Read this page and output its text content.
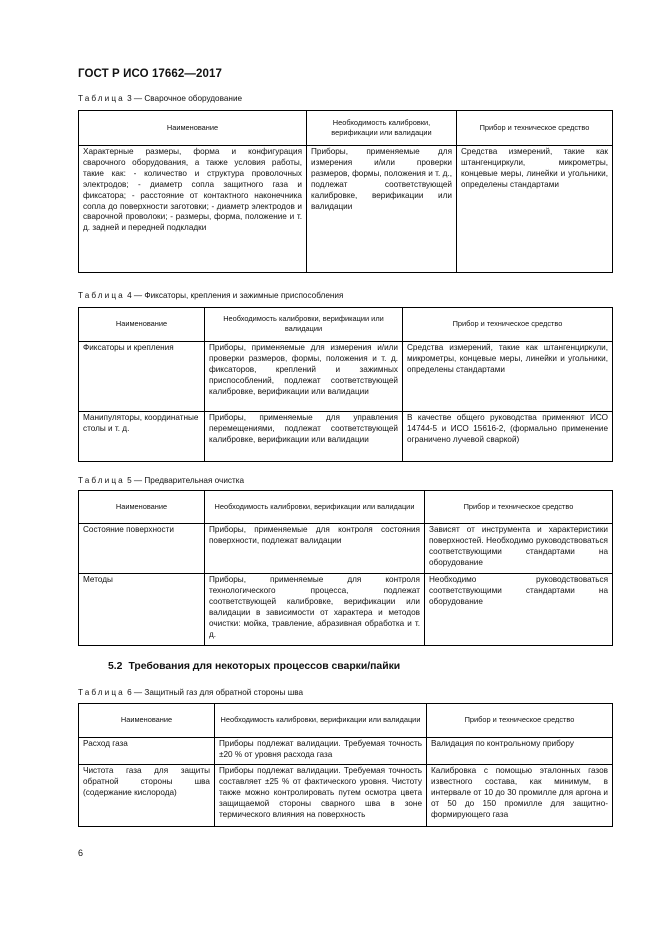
ГОСТ Р ИСО 17662—2017
Таблица 3 — Сварочное оборудование
Наименование	Необходимость калибровки, верификации или валидации	Прибор и техническое средство
Характерные размеры, форма и конфигурация сварочного оборудования, а также условия работы, такие как: - количество и структура проволочных электродов; - диаметр сопла защитного газа и фиксатора; - расстояние от контактного наконечника сопла до поверхности заготовки; - диаметр электродов и сварочной проволоки; - размеры, форма, положение и т. д. задней и передней подкладки	Приборы, применяемые для измерения и/или проверки размеров, формы, положения и т. д., подлежат соответствующей калибровке, верификации или валидации	Средства измерений, такие как штангенциркули, микрометры, концевые меры, линейки и угольники, определены стандартами
Таблица 4 — Фиксаторы, крепления и зажимные приспособления
Наименование	Необходимость калибровки, верификации или валидации	Прибор и техническое средство
Фиксаторы и крепления	Приборы, применяемые для измерения и/или проверки размеров, формы, положения и т. д. фиксаторов, креплений и зажимных приспособлений, подлежат соответствующей калибровке, верификации или валидации	Средства измерений, такие как штангенциркули, микрометры, концевые меры, линейки и угольники, определены стандартами
Манипуляторы, координатные столы и т. д.	Приборы, применяемые для управления перемещениями, подлежат соответствующей калибровке, верификации или валидации	В качестве общего руководства применяют ИСО 14744-5 и ИСО 15616-2, (формально применение ограничено лучевой сваркой)
Таблица 5 — Предварительная очистка
Наименование	Необходимость калибровки, верификации или валидации	Прибор и техническое средство
Состояние поверхности	Приборы, применяемые для контроля состояния поверхности, подлежат валидации	Зависят от инструмента и характеристики поверхностей. Необходимо руководствоваться соответствующими стандартами на оборудование
Методы	Приборы, применяемые для контроля технологического процесса, подлежат соответствующей калибровке, верификации или валидации в зависимости от характера и методов очистки: мойка, травление, абразивная обработка и т. д.	Необходимо руководствоваться соответствующими стандартами на оборудование
5.2 Требования для некоторых процессов сварки/пайки
Таблица 6 — Защитный газ для обратной стороны шва
Наименование	Необходимость калибровки, верификации или валидации	Прибор и техническое средство
Расход газа	Приборы подлежат валидации. Требуемая точность ±20 % от уровня расхода газа	Валидация по контрольному прибору
Чистота газа для защиты обратной стороны шва (содержание кислорода)	Приборы подлежат валидации. Требуемая точность составляет ±25 % от фактического уровня. Чистоту также можно контролировать путем осмотра цвета защищаемой стороны сварного шва в зоне термического влияния на поверхность	Калибровка с помощью эталонных газов известного состава, как минимум, в интервале от 10 до 30 промилле для аргона и от 50 до 150 промилле для защитно-формирующего газа
6
